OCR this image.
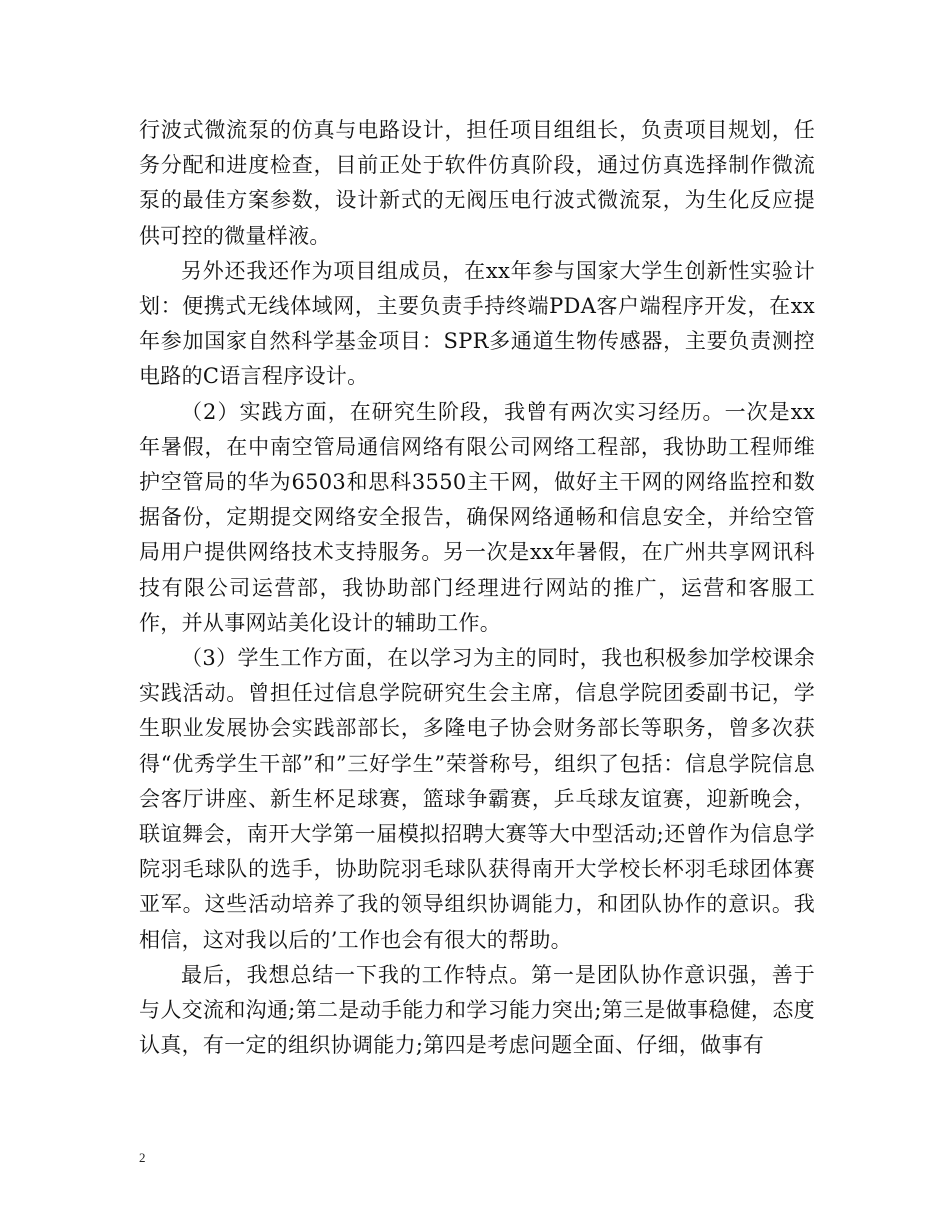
行波式微流泵的仿真与电路设计，担任项目组组长，负责项目规划，任务分配和进度检查，目前正处于软件仿真阶段，通过仿真选择制作微流泵的最佳方案参数，设计新式的无阀压电行波式微流泵，为生化反应提供可控的微量样液。

另外还我还作为项目组成员，在xx年参与国家大学生创新性实验计划：便携式无线体域网，主要负责手持终端PDA客户端程序开发，在xx年参加国家自然科学基金项目：SPR多通道生物传感器，主要负责测控电路的C语言程序设计。

（2）实践方面，在研究生阶段，我曾有两次实习经历。一次是xx年暑假，在中南空管局通信网络有限公司网络工程部，我协助工程师维护空管局的华为6503和思科3550主干网，做好主干网的网络监控和数据备份，定期提交网络安全报告，确保网络通畅和信息安全，并给空管局用户提供网络技术支持服务。另一次是xx年暑假，在广州共享网讯科技有限公司运营部，我协助部门经理进行网站的推广，运营和客服工作，并从事网站美化设计的辅助工作。

（3）学生工作方面，在以学习为主的同时，我也积极参加学校课余实践活动。曾担任过信息学院研究生会主席，信息学院团委副书记，学生职业发展协会实践部部长，多隆电子协会财务部长等职务，曾多次获得“优秀学生干部”和”三好学生”荣誉称号，组织了包括：信息学院信息会客厅讲座、新生杯足球赛，篮球争霸赛，乒乓球友谊赛，迎新晚会，联谊舞会，南开大学第一届模拟招聘大赛等大中型活动;还曾作为信息学院羽毛球队的选手，协助院羽毛球队获得南开大学校长杯羽毛球团体赛亚军。这些活动培养了我的领导组织协调能力，和团队协作的意识。我相信，这对我以后的’工作也会有很大的帮助。

最后，我想总结一下我的工作特点。第一是团队协作意识强，善于与人交流和沟通;第二是动手能力和学习能力突出;第三是做事稳健，态度认真，有一定的组织协调能力;第四是考虑问题全面、仔细，做事有

2
